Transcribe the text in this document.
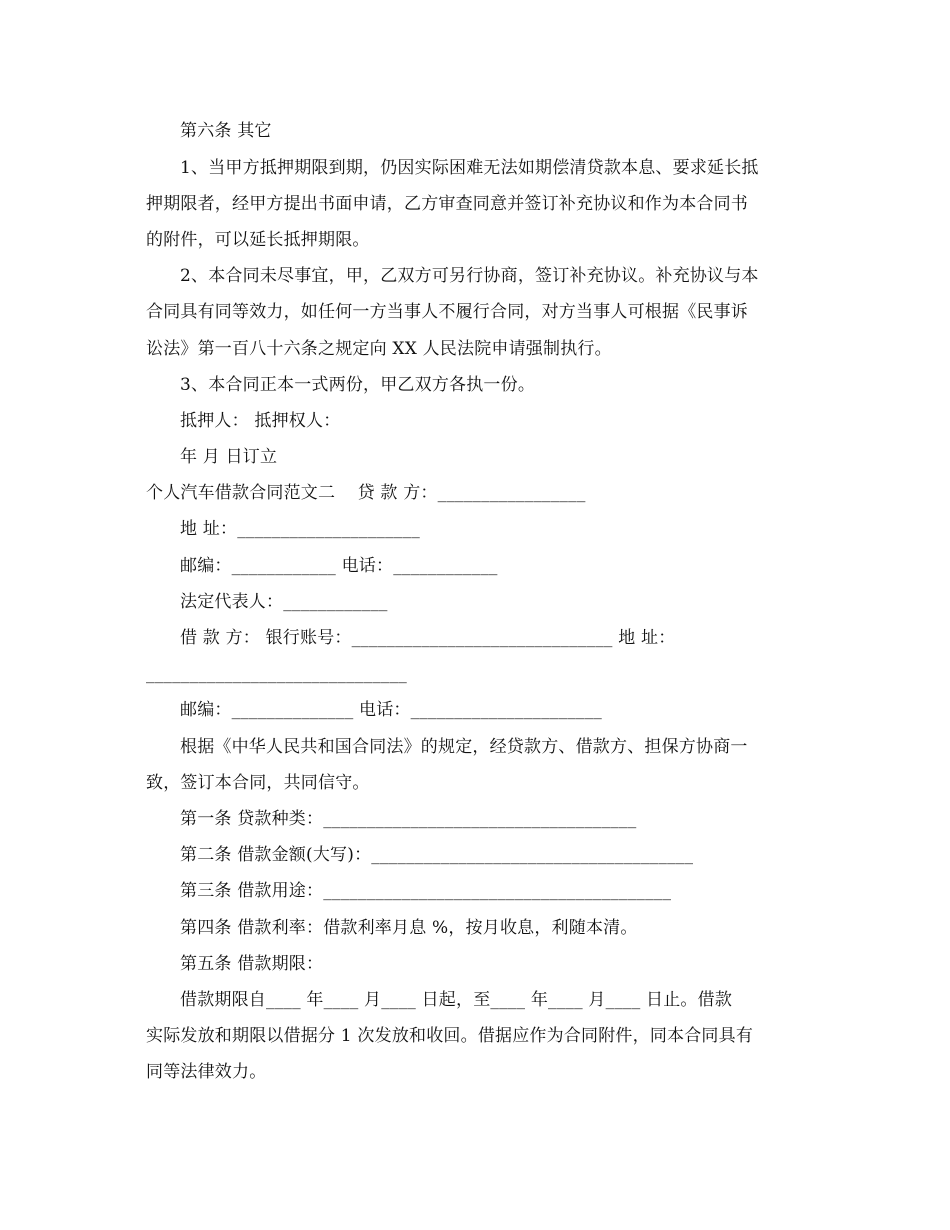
第六条 其它
1、当甲方抵押期限到期，仍因实际困难无法如期偿清贷款本息、要求延长抵
押期限者，经甲方提出书面申请，乙方审查同意并签订补充协议和作为本合同书
的附件，可以延长抵押期限。
2、本合同未尽事宜，甲，乙双方可另行协商，签订补充协议。补充协议与本
合同具有同等效力，如任何一方当事人不履行合同，对方当事人可根据《民事诉
讼法》第一百八十六条之规定向 XX 人民法院申请强制执行。
3、本合同正本一式两份，甲乙双方各执一份。
抵押人： 抵押权人：
年 月 日订立
个人汽车借款合同范文二    贷 款 方：_________________
地 址：_____________________
邮编：____________ 电话：____________
法定代表人：____________
借 款 方： 银行账号：______________________________ 地 址：
______________________________
邮编：______________ 电话：______________________
根据《中华人民共和国合同法》的规定，经贷款方、借款方、担保方协商一
致，签订本合同，共同信守。
第一条 贷款种类：____________________________________
第二条 借款金额(大写)：_____________________________________
第三条 借款用途：________________________________________
第四条 借款利率：借款利率月息 %，按月收息，利随本清。
第五条 借款期限：
借款期限自____ 年____ 月____ 日起，至____ 年____ 月____ 日止。借款
实际发放和期限以借据分 1 次发放和收回。借据应作为合同附件，同本合同具有
同等法律效力。
